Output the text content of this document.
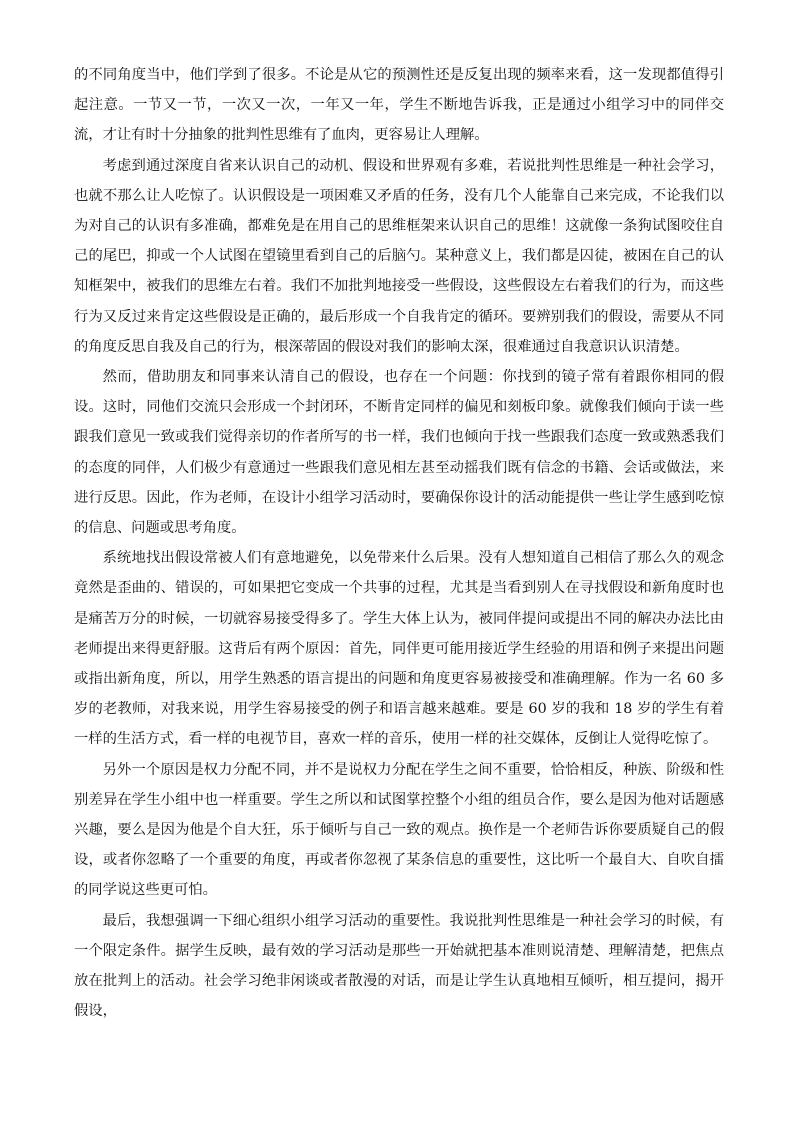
的不同角度当中，他们学到了很多。不论是从它的预测性还是反复出现的频率来看，这一发现都值得引起注意。一节又一节，一次又一次，一年又一年，学生不断地告诉我，正是通过小组学习中的同伴交流，才让有时十分抽象的批判性思维有了血肉，更容易让人理解。

考虑到通过深度自省来认识自己的动机、假设和世界观有多难，若说批判性思维是一种社会学习，也就不那么让人吃惊了。认识假设是一项困难又矛盾的任务，没有几个人能靠自己来完成，不论我们以为对自己的认识有多准确，都难免是在用自己的思维框架来认识自己的思维！这就像一条狗试图咬住自己的尾巴，抑或一个人试图在望镜里看到自己的后脑勺。某种意义上，我们都是囚徒，被困在自己的认知框架中，被我们的思维左右着。我们不加批判地接受一些假设，这些假设左右着我们的行为，而这些行为又反过来肯定这些假设是正确的，最后形成一个自我肯定的循环。要辨别我们的假设，需要从不同的角度反思自我及自己的行为，根深蒂固的假设对我们的影响太深，很难通过自我意识认识清楚。

然而，借助朋友和同事来认清自己的假设，也存在一个问题：你找到的镜子常有着跟你相同的假设。这时，同他们交流只会形成一个封闭环，不断肯定同样的偏见和刻板印象。就像我们倾向于读一些跟我们意见一致或我们觉得亲切的作者所写的书一样，我们也倾向于找一些跟我们态度一致或熟悉我们的态度的同伴，人们极少有意通过一些跟我们意见相左甚至动摇我们既有信念的书籍、会话或做法，来进行反思。因此，作为老师，在设计小组学习活动时，要确保你设计的活动能提供一些让学生感到吃惊的信息、问题或思考角度。

系统地找出假设常被人们有意地避免，以免带来什么后果。没有人想知道自己相信了那么久的观念竟然是歪曲的、错误的，可如果把它变成一个共事的过程，尤其是当看到别人在寻找假设和新角度时也是痛苦万分的时候，一切就容易接受得多了。学生大体上认为，被同伴提问或提出不同的解决办法比由老师提出来得更舒服。这背后有两个原因：首先，同伴更可能用接近学生经验的用语和例子来提出问题或指出新角度，所以，用学生熟悉的语言提出的问题和角度更容易被接受和准确理解。作为一名 60 多岁的老教师，对我来说，用学生容易接受的例子和语言越来越难。要是 60 岁的我和 18 岁的学生有着一样的生活方式，看一样的电视节目，喜欢一样的音乐，使用一样的社交媒体，反倒让人觉得吃惊了。

另外一个原因是权力分配不同，并不是说权力分配在学生之间不重要，恰恰相反，种族、阶级和性别差异在学生小组中也一样重要。学生之所以和试图掌控整个小组的组员合作，要么是因为他对话题感兴趣，要么是因为他是个自大狂，乐于倾听与自己一致的观点。换作是一个老师告诉你要质疑自己的假设，或者你忽略了一个重要的角度，再或者你忽视了某条信息的重要性，这比听一个最自大、自吹自擂的同学说这些更可怕。

最后，我想强调一下细心组织小组学习活动的重要性。我说批判性思维是一种社会学习的时候，有一个限定条件。据学生反映，最有效的学习活动是那些一开始就把基本准则说清楚、理解清楚，把焦点放在批判上的活动。社会学习绝非闲谈或者散漫的对话，而是让学生认真地相互倾听，相互提问，揭开假设，
